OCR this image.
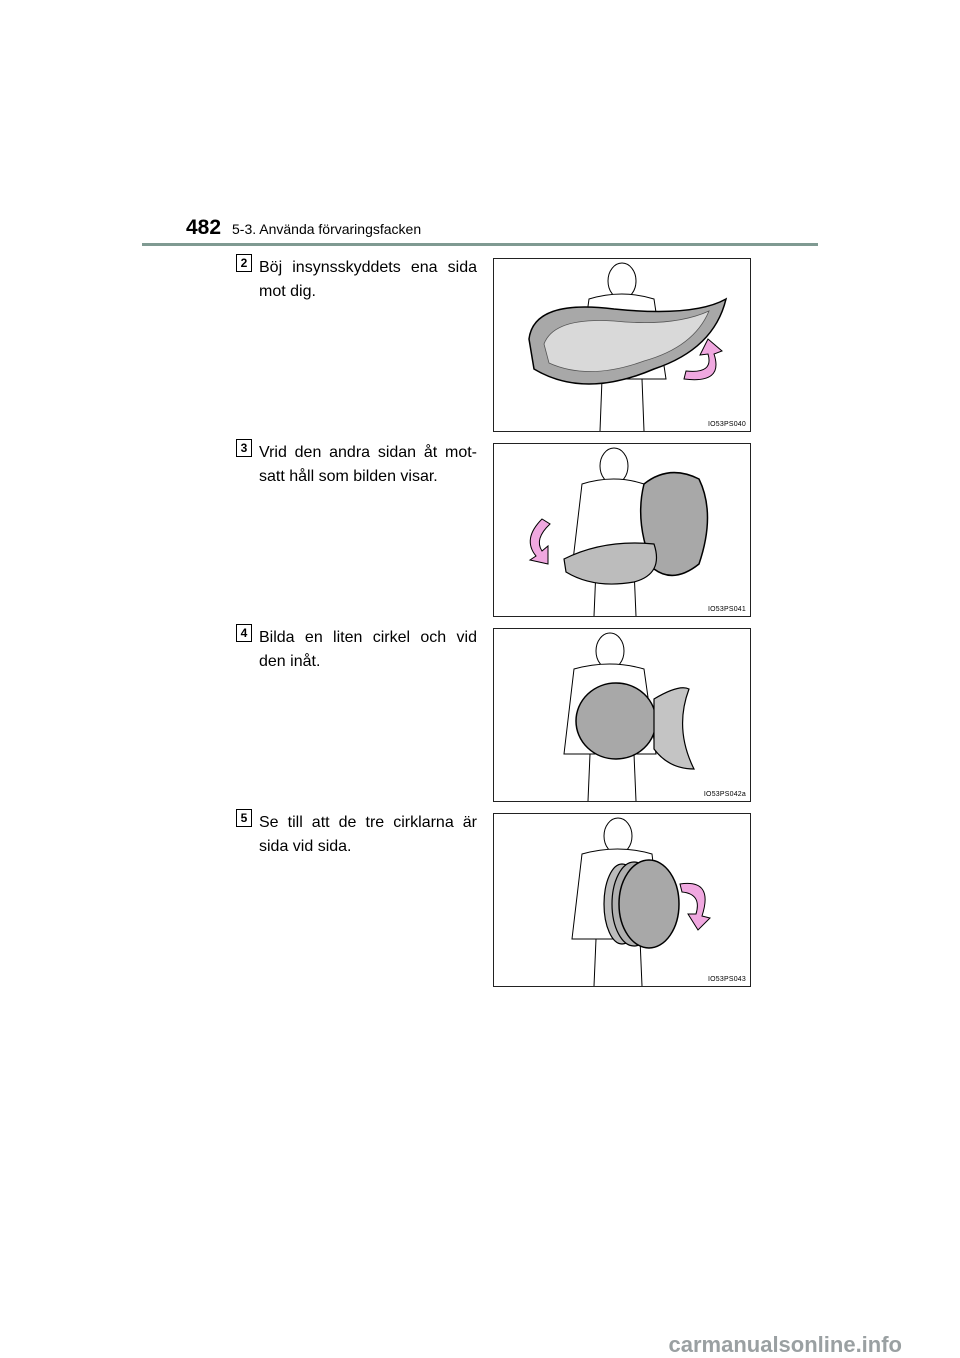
482 5-3. Använda förvaringsfacken
2 Böj insynsskyddets ena sida mot dig.
IO53PS040
3 Vrid den andra sidan åt mot-satt håll som bilden visar.
IO53PS041
4 Bilda en liten cirkel och vid den inåt.
IO53PS042a
5 Se till att de tre cirklarna är sida vid sida.
IO53PS043
carmanualsonline.info
